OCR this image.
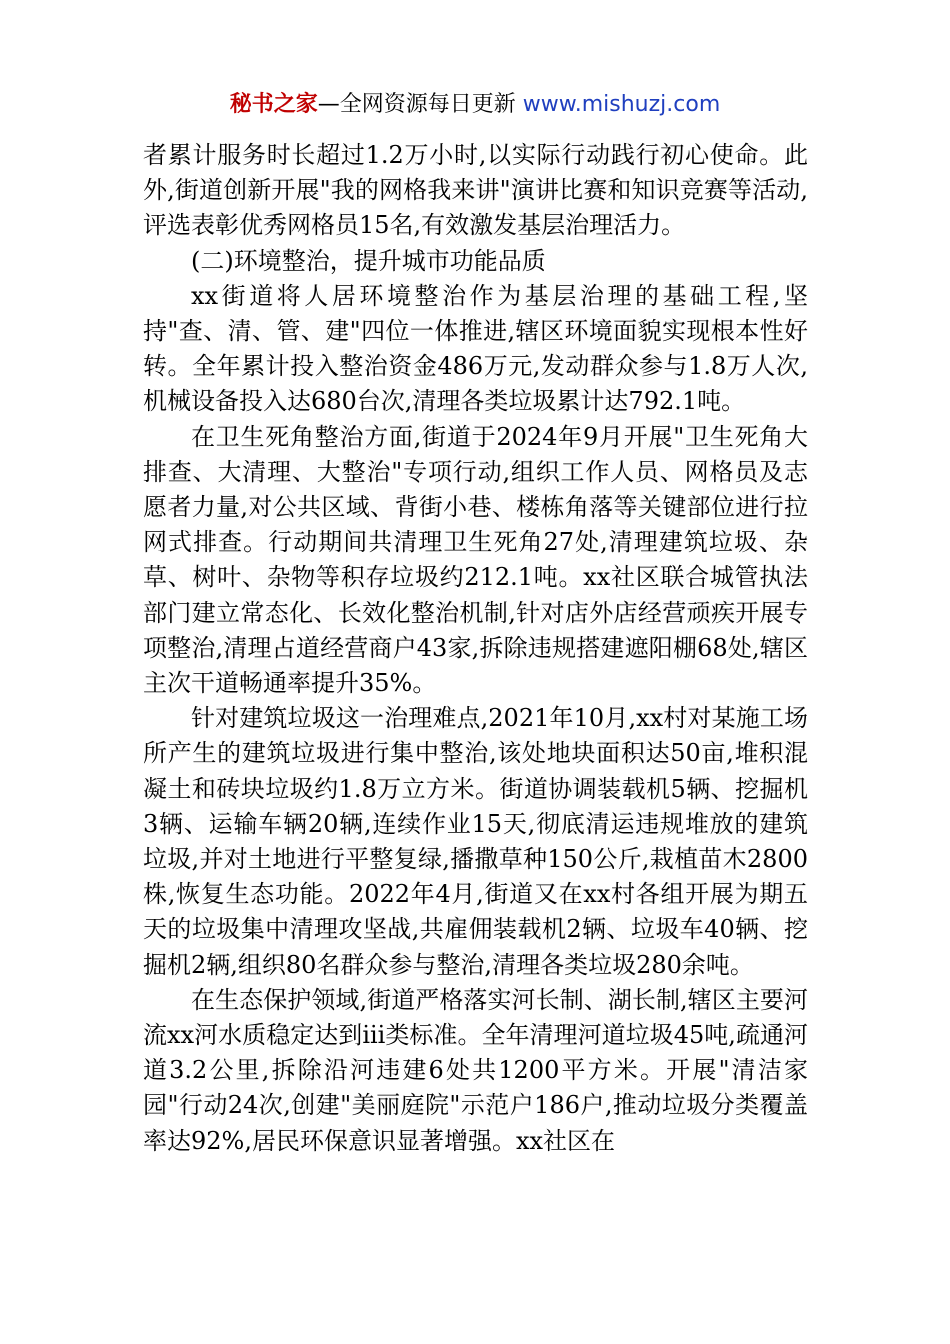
秘书之家—全网资源每日更新 www.mishuzj.com

者累计服务时长超过1.2万小时,以实际行动践行初心使命。此外,街道创新开展"我的网格我来讲"演讲比赛和知识竞赛等活动,评选表彰优秀网格员15名,有效激发基层治理活力。

(二)环境整治，提升城市功能品质

xx街道将人居环境整治作为基层治理的基础工程,坚持"查、清、管、建"四位一体推进,辖区环境面貌实现根本性好转。全年累计投入整治资金486万元,发动群众参与1.8万人次,机械设备投入达680台次,清理各类垃圾累计达792.1吨。

在卫生死角整治方面,街道于2024年9月开展"卫生死角大排查、大清理、大整治"专项行动,组织工作人员、网格员及志愿者力量,对公共区域、背街小巷、楼栋角落等关键部位进行拉网式排查。行动期间共清理卫生死角27处,清理建筑垃圾、杂草、树叶、杂物等积存垃圾约212.1吨。xx社区联合城管执法部门建立常态化、长效化整治机制,针对店外店经营顽疾开展专项整治,清理占道经营商户43家,拆除违规搭建遮阳棚68处,辖区主次干道畅通率提升35%。

针对建筑垃圾这一治理难点,2021年10月,xx村对某施工场所产生的建筑垃圾进行集中整治,该处地块面积达50亩,堆积混凝土和砖块垃圾约1.8万立方米。街道协调装载机5辆、挖掘机3辆、运输车辆20辆,连续作业15天,彻底清运违规堆放的建筑垃圾,并对土地进行平整复绿,播撒草种150公斤,栽植苗木2800株,恢复生态功能。2022年4月,街道又在xx村各组开展为期五天的垃圾集中清理攻坚战,共雇佣装载机2辆、垃圾车40辆、挖掘机2辆,组织80名群众参与整治,清理各类垃圾280余吨。

在生态保护领域,街道严格落实河长制、湖长制,辖区主要河流xx河水质稳定达到iii类标准。全年清理河道垃圾45吨,疏通河道3.2公里,拆除沿河违建6处共1200平方米。开展"清洁家园"行动24次,创建"美丽庭院"示范户186户,推动垃圾分类覆盖率达92%,居民环保意识显著增强。xx社区在
